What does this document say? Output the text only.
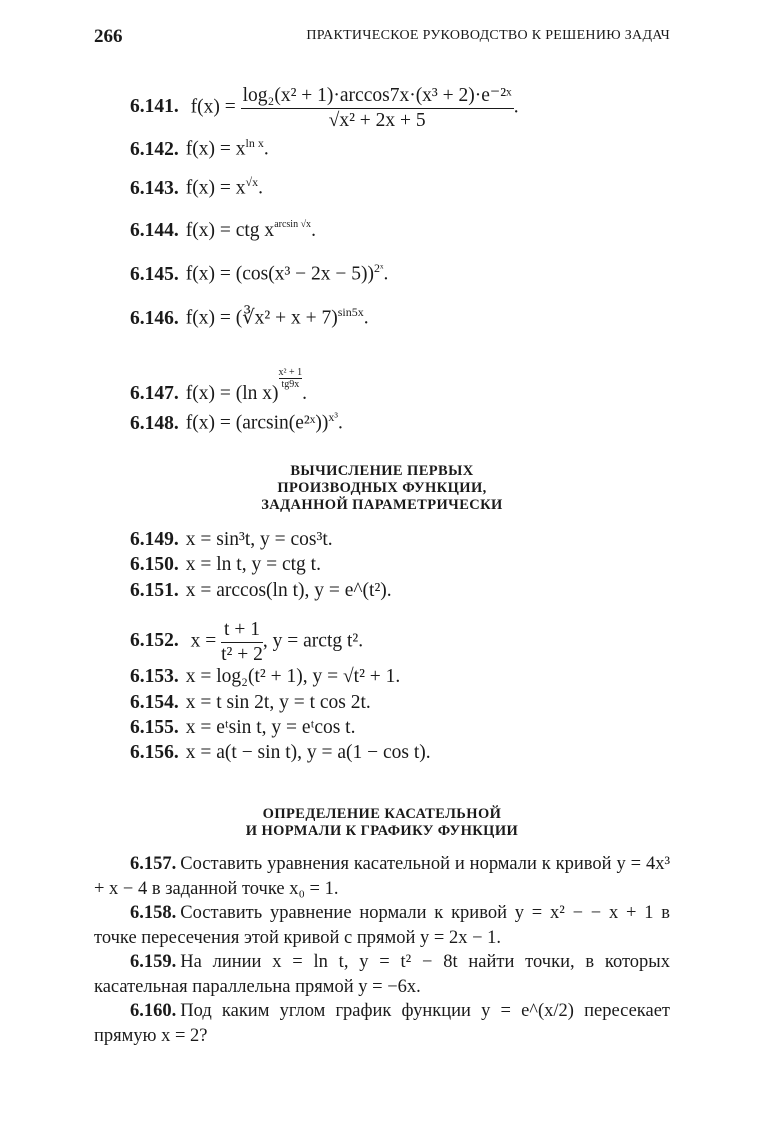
266	ПРАКТИЧЕСКОЕ РУКОВОДСТВО К РЕШЕНИЮ ЗАДАЧ
6.141. $f(x) = \frac{\text{log₂(x² + 1)·arccos7x·(x³ + 2)·e⁻²ˣ}}{\text{√x² + 2x + 5}}$ .
6.142. $f(x) = x^{ln x}$.
6.143. $f(x) = x^{√x}$.
6.144. f(x) = ctg $x^{arcsin √x}$.
6.145. $f(x) = (\cos(x^3 - 2x - 5))^{2ˣ}$.
6.146. f(x) = (∛x² + x + 7)$^{sin5x}$.
6.147. f(x) = (ln x)
$\frac{\text{x² + 1}}{tg9x}$
.
6.148. f(x) = (arcsin(e²ˣ))$^{x^3}$.
ВЫЧИСЛЕНИЕ ПЕРВЫХ
ПРОИЗВОДНЫХ ФУНКЦИИ,
ЗАДАННОЙ ПАРАМЕТРИЧЕСКИ
6.149. x = sin³t, y = cos³t.
6.150. x = ln t, y = ctg t.
6.151. x = arccos(ln t), y = e^(t²).
6.152. $x = \frac{t + 1}{\text{t² + 2}}$ , y = arctg t².
6.153. x = log₂(t² + 1), y = √t² + 1.
6.154. x = t sin 2t, y = t cos 2t.
6.155. x = eᵗsin t, y = eᵗcos t.
6.156. x = a(t − sin t), y = a(1 − cos t).
ОПРЕДЕЛЕНИЕ КАСАТЕЛЬНОЙ
И НОРМАЛИ К ГРАФИКУ ФУНКЦИИ
6.157. Составить уравнения касательной и нормали к кривой y = 4x³ + x − 4 в заданной точке x₀ = 1.
6.158. Составить уравнение нормали к кривой y = x² − − x + 1 в точке пересечения этой кривой с прямой y = 2x − 1.
6.159. На линии x = ln t, y = t² − 8t найти точки, в которых касательная параллельна прямой y = −6x.
6.160. Под каким углом график функции y = e^(x/2) пересекает прямую x = 2?
